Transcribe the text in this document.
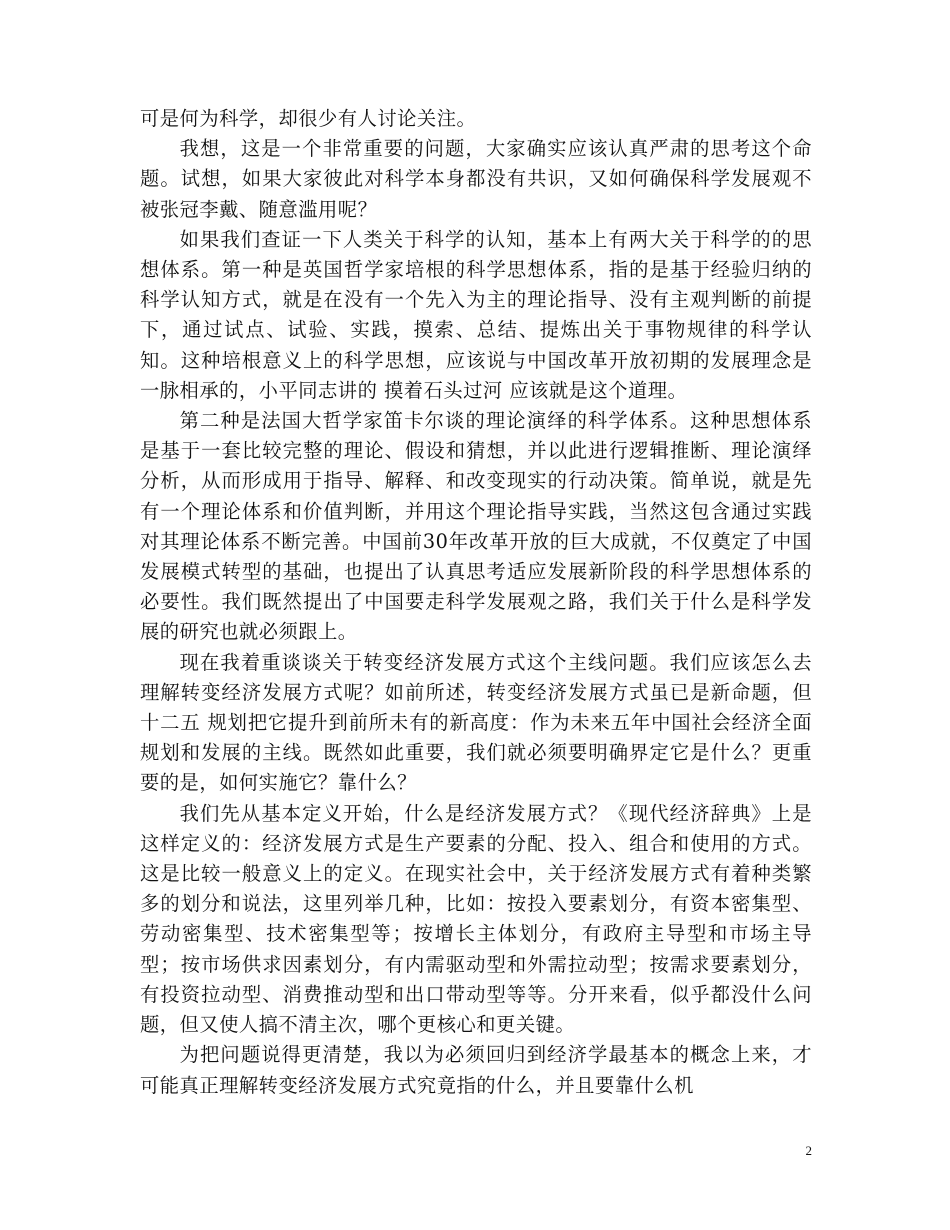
可是何为科学，却很少有人讨论关注。

我想，这是一个非常重要的问题，大家确实应该认真严肃的思考这个命题。试想，如果大家彼此对科学本身都没有共识，又如何确保科学发展观不被张冠李戴、随意滥用呢？

如果我们查证一下人类关于科学的认知，基本上有两大关于科学的的思想体系。第一种是英国哲学家培根的科学思想体系，指的是基于经验归纳的科学认知方式，就是在没有一个先入为主的理论指导、没有主观判断的前提下，通过试点、试验、实践，摸索、总结、提炼出关于事物规律的科学认知。这种培根意义上的科学思想，应该说与中国改革开放初期的发展理念是一脉相承的，小平同志讲的 摸着石头过河 应该就是这个道理。

第二种是法国大哲学家笛卡尔谈的理论演绎的科学体系。这种思想体系是基于一套比较完整的理论、假设和猜想，并以此进行逻辑推断、理论演绎分析，从而形成用于指导、解释、和改变现实的行动决策。简单说，就是先有一个理论体系和价值判断，并用这个理论指导实践，当然这包含通过实践对其理论体系不断完善。中国前30年改革开放的巨大成就，不仅奠定了中国发展模式转型的基础，也提出了认真思考适应发展新阶段的科学思想体系的必要性。我们既然提出了中国要走科学发展观之路，我们关于什么是科学发展的研究也就必须跟上。

现在我着重谈谈关于转变经济发展方式这个主线问题。我们应该怎么去理解转变经济发展方式呢？如前所述，转变经济发展方式虽已是新命题，但 十二五 规划把它提升到前所未有的新高度：作为未来五年中国社会经济全面规划和发展的主线。既然如此重要，我们就必须要明确界定它是什么？更重要的是，如何实施它？靠什么？

我们先从基本定义开始，什么是经济发展方式？《现代经济辞典》上是这样定义的：经济发展方式是生产要素的分配、投入、组合和使用的方式。这是比较一般意义上的定义。在现实社会中，关于经济发展方式有着种类繁多的划分和说法，这里列举几种，比如：按投入要素划分，有资本密集型、劳动密集型、技术密集型等；按增长主体划分，有政府主导型和市场主导型；按市场供求因素划分，有内需驱动型和外需拉动型；按需求要素划分，有投资拉动型、消费推动型和出口带动型等等。分开来看，似乎都没什么问题，但又使人搞不清主次，哪个更核心和更关键。

为把问题说得更清楚，我以为必须回归到经济学最基本的概念上来，才可能真正理解转变经济发展方式究竟指的什么，并且要靠什么机

2
